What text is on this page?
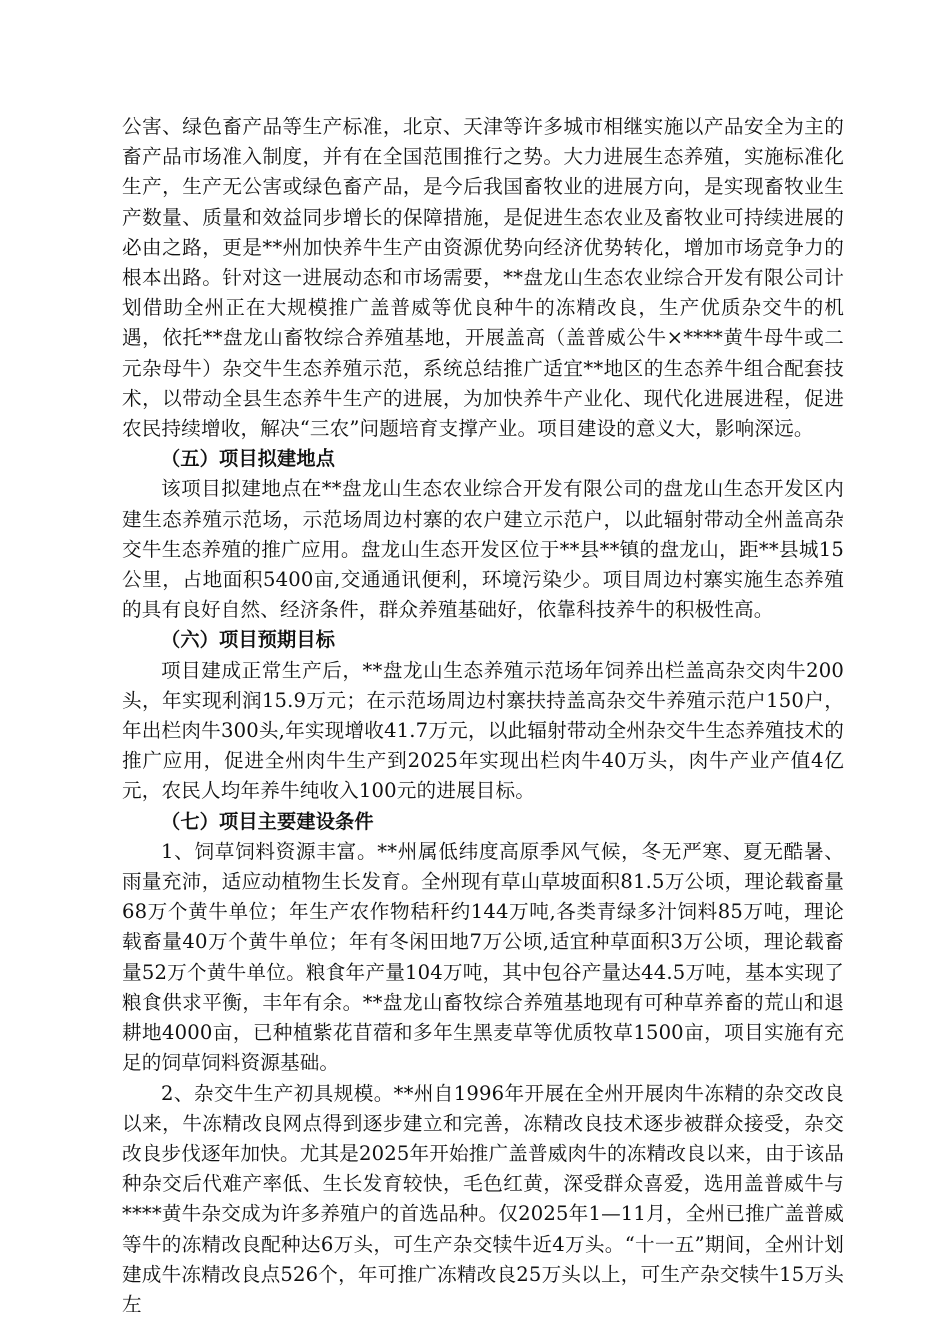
公害、绿色畜产品等生产标准，北京、天津等许多城市相继实施以产品安全为主的畜产品市场准入制度，并有在全国范围推行之势。大力进展生态养殖，实施标准化生产，生产无公害或绿色畜产品，是今后我国畜牧业的进展方向，是实现畜牧业生产数量、质量和效益同步增长的保障措施，是促进生态农业及畜牧业可持续进展的必由之路，更是**州加快养牛生产由资源优势向经济优势转化，增加市场竞争力的根本出路。针对这一进展动态和市场需要，**盘龙山生态农业综合开发有限公司计划借助全州正在大规模推广盖普威等优良种牛的冻精改良，生产优质杂交牛的机遇，依托**盘龙山畜牧综合养殖基地，开展盖高（盖普威公牛×****黄牛母牛或二元杂母牛）杂交牛生态养殖示范，系统总结推广适宜**地区的生态养牛组合配套技术，以带动全县生态养牛生产的进展，为加快养牛产业化、现代化进展进程，促进农民持续增收，解决“三农”问题培育支撑产业。项目建设的意义大，影响深远。

（五）项目拟建地点

该项目拟建地点在**盘龙山生态农业综合开发有限公司的盘龙山生态开发区内建生态养殖示范场，示范场周边村寨的农户建立示范户，以此辐射带动全州盖高杂交牛生态养殖的推广应用。盘龙山生态开发区位于**县**镇的盘龙山，距**县城15公里，占地面积5400亩,交通通讯便利，环境污染少。项目周边村寨实施生态养殖的具有良好自然、经济条件，群众养殖基础好，依靠科技养牛的积极性高。

（六）项目预期目标

项目建成正常生产后，**盘龙山生态养殖示范场年饲养出栏盖高杂交肉牛200头，年实现利润15.9万元；在示范场周边村寨扶持盖高杂交牛养殖示范户150户，年出栏肉牛300头,年实现增收41.7万元，以此辐射带动全州杂交牛生态养殖技术的推广应用，促进全州肉牛生产到2025年实现出栏肉牛40万头，肉牛产业产值4亿元，农民人均年养牛纯收入100元的进展目标。

（七）项目主要建设条件

1、饲草饲料资源丰富。**州属低纬度高原季风气候，冬无严寒、夏无酷暑、雨量充沛，适应动植物生长发育。全州现有草山草坡面积81.5万公顷，理论载畜量68万个黄牛单位；年生产农作物秸秆约144万吨,各类青绿多汁饲料85万吨，理论载畜量40万个黄牛单位；年有冬闲田地7万公顷,适宜种草面积3万公顷，理论载畜量52万个黄牛单位。粮食年产量104万吨，其中包谷产量达44.5万吨，基本实现了粮食供求平衡，丰年有余。**盘龙山畜牧综合养殖基地现有可种草养畜的荒山和退耕地4000亩，已种植紫花苜蓿和多年生黑麦草等优质牧草1500亩，项目实施有充足的饲草饲料资源基础。

2、杂交牛生产初具规模。**州自1996年开展在全州开展肉牛冻精的杂交改良以来，牛冻精改良网点得到逐步建立和完善，冻精改良技术逐步被群众接受，杂交改良步伐逐年加快。尤其是2025年开始推广盖普威肉牛的冻精改良以来，由于该品种杂交后代难产率低、生长发育较快，毛色红黄，深受群众喜爱，选用盖普威牛与****黄牛杂交成为许多养殖户的首选品种。仅2025年1—11月，全州已推广盖普威等牛的冻精改良配种达6万头，可生产杂交犊牛近4万头。“十一五”期间，全州计划建成牛冻精改良点526个，年可推广冻精改良25万头以上，可生产杂交犊牛15万头左
